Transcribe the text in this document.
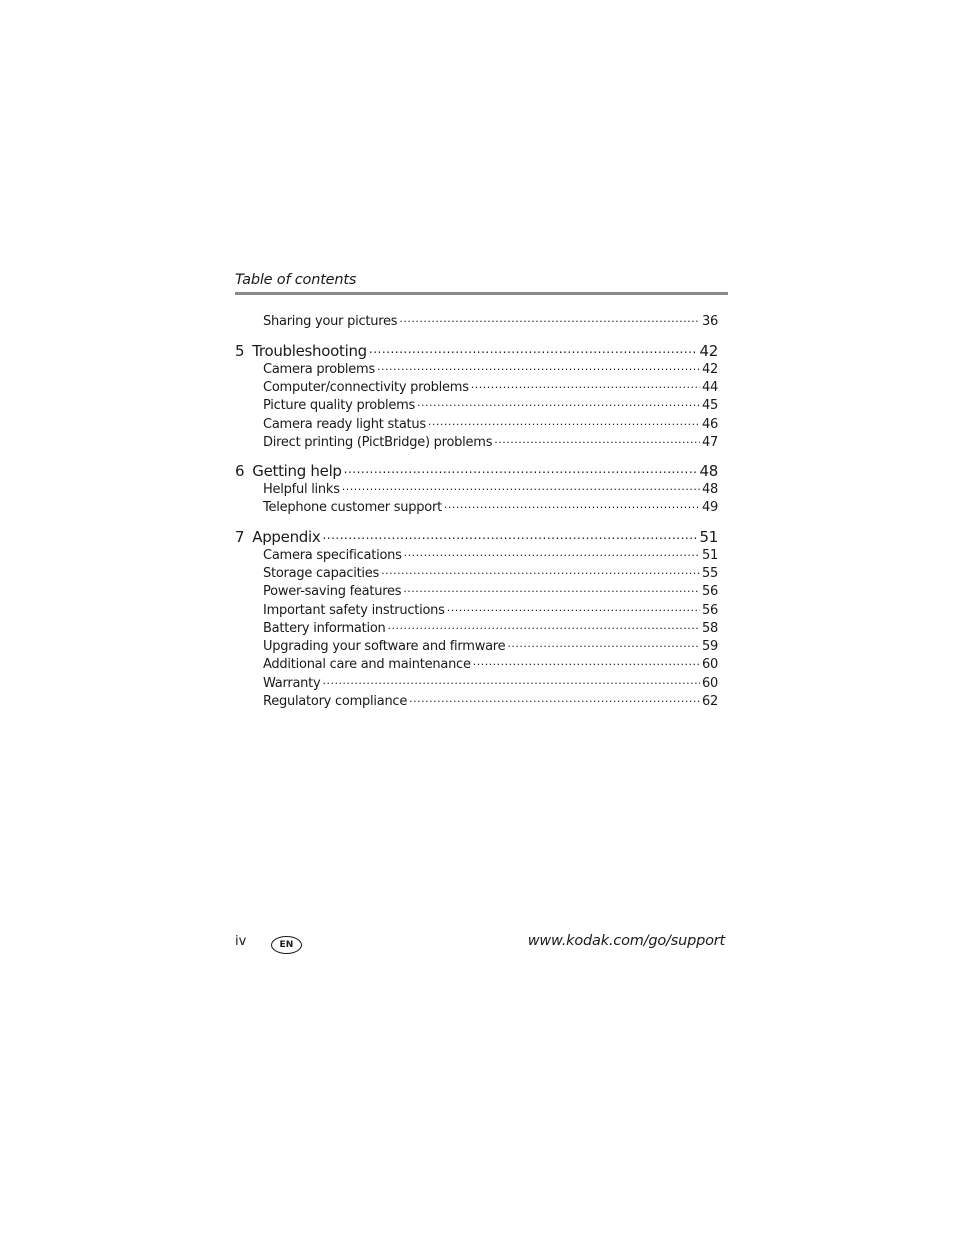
Table of contents
Sharing your pictures .....	36
5 Troubleshooting .....	42
Camera problems .....	42
Computer/connectivity problems .....	44
Picture quality problems .....	45
Camera ready light status .....	46
Direct printing (PictBridge) problems .....	47
6 Getting help .....	48
Helpful links .....	48
Telephone customer support .....	49
7 Appendix .....	51
Camera specifications .....	51
Storage capacities .....	55
Power-saving features .....	56
Important safety instructions .....	56
Battery information .....	58
Upgrading your software and firmware .....	59
Additional care and maintenance .....	60
Warranty .....	60
Regulatory compliance .....	62
iv	EN	www.kodak.com/go/support
